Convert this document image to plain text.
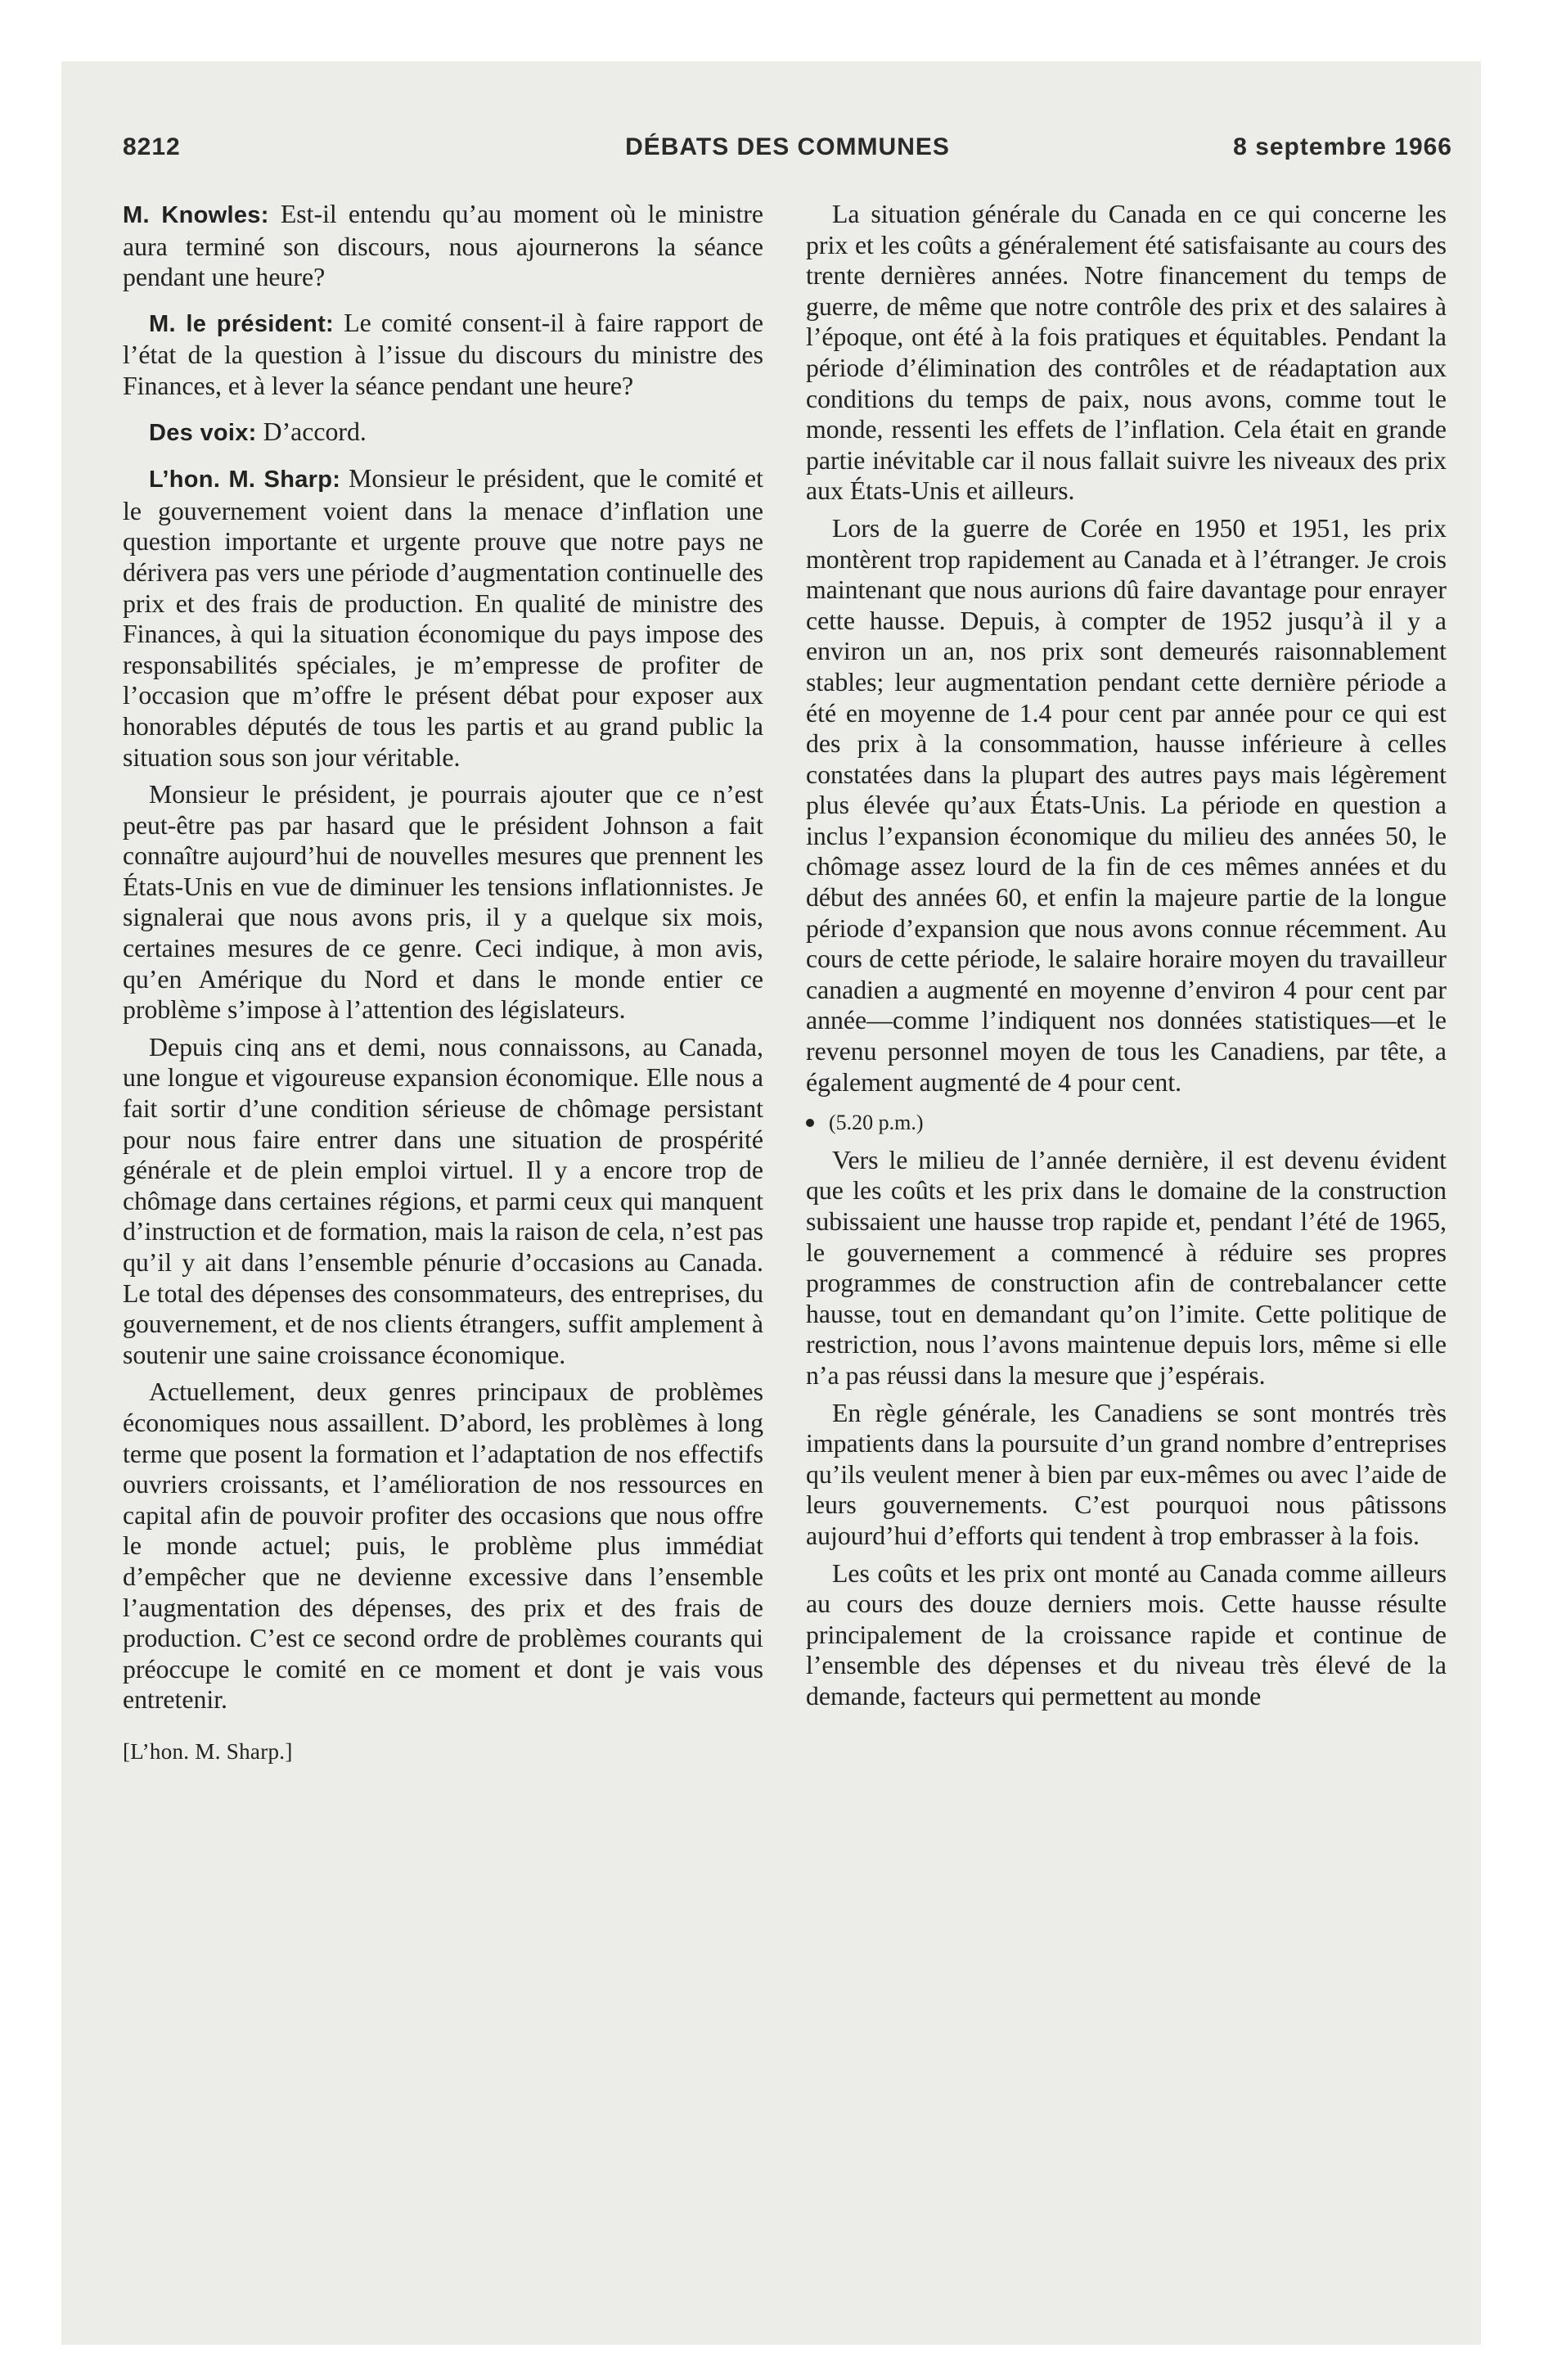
8212	DÉBATS DES COMMUNES	8 septembre 1966

M. Knowles: Est-il entendu qu’au moment où le ministre aura terminé son discours, nous ajournerons la séance pendant une heure?

M. le président: Le comité consent-il à faire rapport de l’état de la question à l’issue du discours du ministre des Finances, et à lever la séance pendant une heure?

Des voix: D’accord.

L’hon. M. Sharp: Monsieur le président, que le comité et le gouvernement voient dans la menace d’inflation une question importante et urgente prouve que notre pays ne dérivera pas vers une période d’augmentation continuelle des prix et des frais de production. En qualité de ministre des Finances, à qui la situation économique du pays impose des responsabilités spéciales, je m’empresse de profiter de l’occasion que m’offre le présent débat pour exposer aux honorables députés de tous les partis et au grand public la situation sous son jour véritable.

Monsieur le président, je pourrais ajouter que ce n’est peut-être pas par hasard que le président Johnson a fait connaître aujourd’hui de nouvelles mesures que prennent les États-Unis en vue de diminuer les tensions inflationnistes. Je signalerai que nous avons pris, il y a quelque six mois, certaines mesures de ce genre. Ceci indique, à mon avis, qu’en Amérique du Nord et dans le monde entier ce problème s’impose à l’attention des législateurs.

Depuis cinq ans et demi, nous connaissons, au Canada, une longue et vigoureuse expansion économique. Elle nous a fait sortir d’une condition sérieuse de chômage persistant pour nous faire entrer dans une situation de prospérité générale et de plein emploi virtuel. Il y a encore trop de chômage dans certaines régions, et parmi ceux qui manquent d’instruction et de formation, mais la raison de cela, n’est pas qu’il y ait dans l’ensemble pénurie d’occasions au Canada. Le total des dépenses des consommateurs, des entreprises, du gouvernement, et de nos clients étrangers, suffit amplement à soutenir une saine croissance économique.

Actuellement, deux genres principaux de problèmes économiques nous assaillent. D’abord, les problèmes à long terme que posent la formation et l’adaptation de nos effectifs ouvriers croissants, et l’amélioration de nos ressources en capital afin de pouvoir profiter des occasions que nous offre le monde actuel; puis, le problème plus immédiat d’empêcher que ne devienne excessive dans l’ensemble l’augmentation des dépenses, des prix et des frais de production. C’est ce second ordre de problèmes courants qui préoccupe le comité en ce moment et dont je vais vous entretenir.

[L’hon. M. Sharp.]

La situation générale du Canada en ce qui concerne les prix et les coûts a généralement été satisfaisante au cours des trente dernières années. Notre financement du temps de guerre, de même que notre contrôle des prix et des salaires à l’époque, ont été à la fois pratiques et équitables. Pendant la période d’élimination des contrôles et de réadaptation aux conditions du temps de paix, nous avons, comme tout le monde, ressenti les effets de l’inflation. Cela était en grande partie inévitable car il nous fallait suivre les niveaux des prix aux États-Unis et ailleurs.

Lors de la guerre de Corée en 1950 et 1951, les prix montèrent trop rapidement au Canada et à l’étranger. Je crois maintenant que nous aurions dû faire davantage pour enrayer cette hausse. Depuis, à compter de 1952 jusqu’à il y a environ un an, nos prix sont demeurés raisonnablement stables; leur augmentation pendant cette dernière période a été en moyenne de 1.4 pour cent par année pour ce qui est des prix à la consommation, hausse inférieure à celles constatées dans la plupart des autres pays mais légèrement plus élevée qu’aux États-Unis. La période en question a inclus l’expansion économique du milieu des années 50, le chômage assez lourd de la fin de ces mêmes années et du début des années 60, et enfin la majeure partie de la longue période d’expansion que nous avons connue récemment. Au cours de cette période, le salaire horaire moyen du travailleur canadien a augmenté en moyenne d’environ 4 pour cent par année—comme l’indiquent nos données statistiques—et le revenu personnel moyen de tous les Canadiens, par tête, a également augmenté de 4 pour cent.

(5.20 p.m.)

Vers le milieu de l’année dernière, il est devenu évident que les coûts et les prix dans le domaine de la construction subissaient une hausse trop rapide et, pendant l’été de 1965, le gouvernement a commencé à réduire ses propres programmes de construction afin de contrebalancer cette hausse, tout en demandant qu’on l’imite. Cette politique de restriction, nous l’avons maintenue depuis lors, même si elle n’a pas réussi dans la mesure que j’espérais.

En règle générale, les Canadiens se sont montrés très impatients dans la poursuite d’un grand nombre d’entreprises qu’ils veulent mener à bien par eux-mêmes ou avec l’aide de leurs gouvernements. C’est pourquoi nous pâtissons aujourd’hui d’efforts qui tendent à trop embrasser à la fois.

Les coûts et les prix ont monté au Canada comme ailleurs au cours des douze derniers mois. Cette hausse résulte principalement de la croissance rapide et continue de l’ensemble des dépenses et du niveau très élevé de la demande, facteurs qui permettent au monde
